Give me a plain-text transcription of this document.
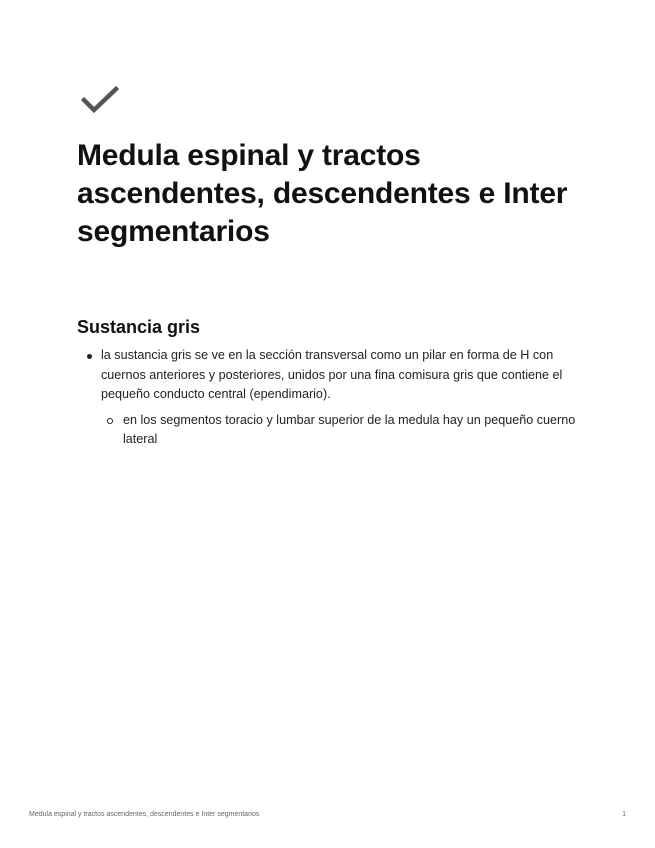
Medula espinal y tractos ascendentes, descendentes e Inter segmentarios
Sustancia gris
la sustancia gris se ve en la sección transversal como un pilar en forma de H con cuernos anteriores y posteriores, unidos por una fina comisura gris que contiene el pequeño conducto central (ependimario).
en los segmentos toracio y lumbar superior de la medula hay un pequeño cuerno lateral
Medula espinal y tractos ascendentes, descendentes e Inter segmentarios	1
